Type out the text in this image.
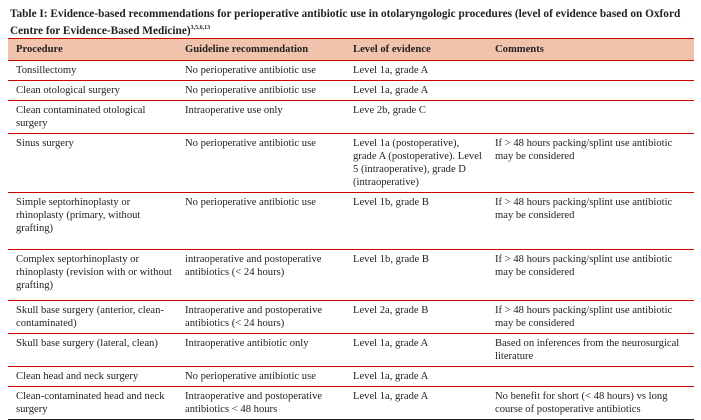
Table I: Evidence-based recommendations for perioperative antibiotic use in otolaryngologic procedures (level of evidence based on Oxford Centre for Evidence-Based Medicine)$^{3,5,6,13}$
Procedure	Guideline recommendation	Level of evidence	Comments
Tonsillectomy	No perioperative antibiotic use	Level 1a, grade A	
Clean otological surgery	No perioperative antibiotic use	Level 1a, grade A	
Clean contaminated otological surgery	Intraoperative use only	Leve 2b, grade C	
Sinus surgery	No perioperative antibiotic use	Level 1a (postoperative), grade A (postoperative). Level 5 (intraoperative), grade D (intraoperative)	If > 48 hours packing/splint use antibiotic may be considered
Simple septorhinoplasty or rhinoplasty (primary, without grafting)	No perioperative antibiotic use	Level 1b, grade B	If > 48 hours packing/splint use antibiotic may be considered
Complex septorhinoplasty or rhinoplasty (revision with or without grafting)	intraoperative and postoperative antibiotics (< 24 hours)	Level 1b, grade B	If > 48 hours packing/splint use antibiotic may be considered
Skull base surgery (anterior, clean-contaminated)	Intraoperative and postoperative antibiotics (< 24 hours)	Level 2a, grade B	If > 48 hours packing/splint use antibiotic may be considered
Skull base surgery (lateral, clean)	Intraoperative antibiotic only	Level 1a, grade A	Based on inferences from the neurosurgical literature
Clean head and neck surgery	No perioperative antibiotic use	Level 1a, grade A	
Clean-contaminated head and neck surgery	Intraoperative and postoperative antibiotics < 48 hours	Level 1a, grade A	No benefit for short (< 48 hours) vs long course of postoperative antibiotics
